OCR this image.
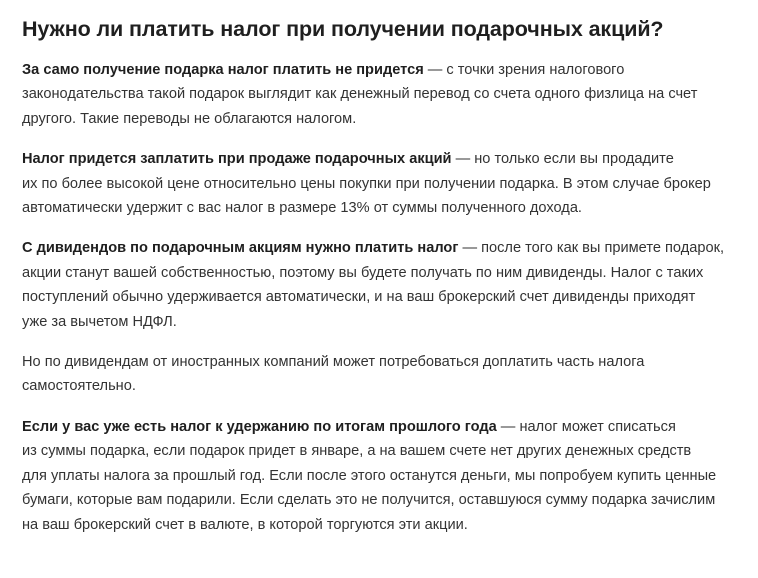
Нужно ли платить налог при получении подарочных акций?

За само получение подарка налог платить не придется — с точки зрения налогового
законодательства такой подарок выглядит как денежный перевод со счета одного физлица на счет
другого. Такие переводы не облагаются налогом.

Налог придется заплатить при продаже подарочных акций — но только если вы продадите
их по более высокой цене относительно цены покупки при получении подарка. В этом случае брокер
автоматически удержит с вас налог в размере 13% от суммы полученного дохода.

С дивидендов по подарочным акциям нужно платить налог — после того как вы примете подарок,
акции станут вашей собственностью, поэтому вы будете получать по ним дивиденды. Налог с таких
поступлений обычно удерживается автоматически, и на ваш брокерский счет дивиденды приходят
уже за вычетом НДФЛ.

Но по дивидендам от иностранных компаний может потребоваться доплатить часть налога
самостоятельно.

Если у вас уже есть налог к удержанию по итогам прошлого года — налог может списаться
из суммы подарка, если подарок придет в январе, а на вашем счете нет других денежных средств
для уплаты налога за прошлый год. Если после этого останутся деньги, мы попробуем купить ценные
бумаги, которые вам подарили. Если сделать это не получится, оставшуюся сумму подарка зачислим
на ваш брокерский счет в валюте, в которой торгуются эти акции.
